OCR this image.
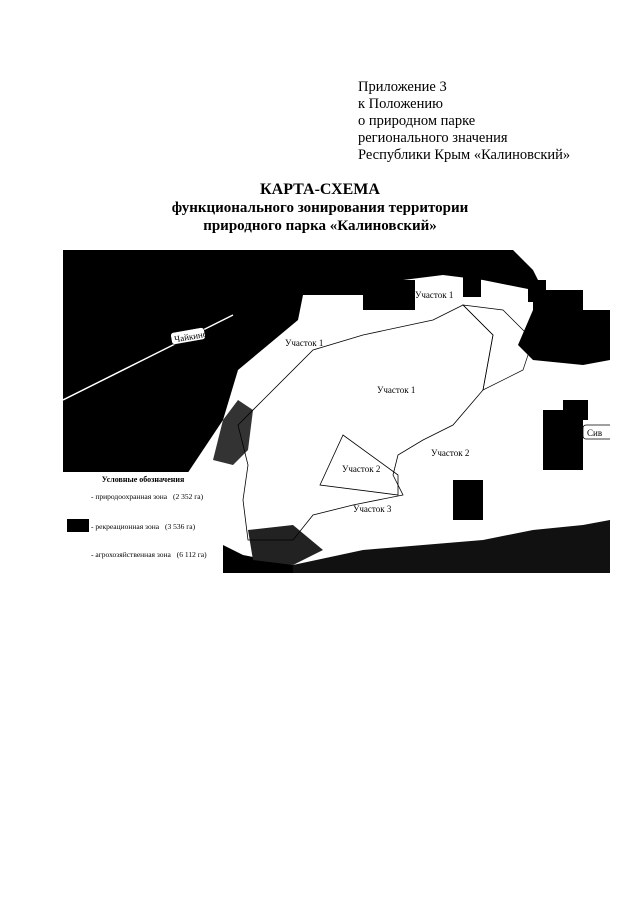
Приложение 3
к Положению
о природном парке
регионального значения
Республики Крым «Калиновский»
КАРТА-СХЕМА
функционального зонирования территории
природного парка «Калиновский»
Участок 1
Участок 1
Участок 1
Участок 2
Участок 2
Участок 3
Чайкино
Сив
Условные обозначения
- природоохранная зона (2 352 га)
- рекреационная зона (3 536 га)
- агрохозяйственная зона (6 112 га)
